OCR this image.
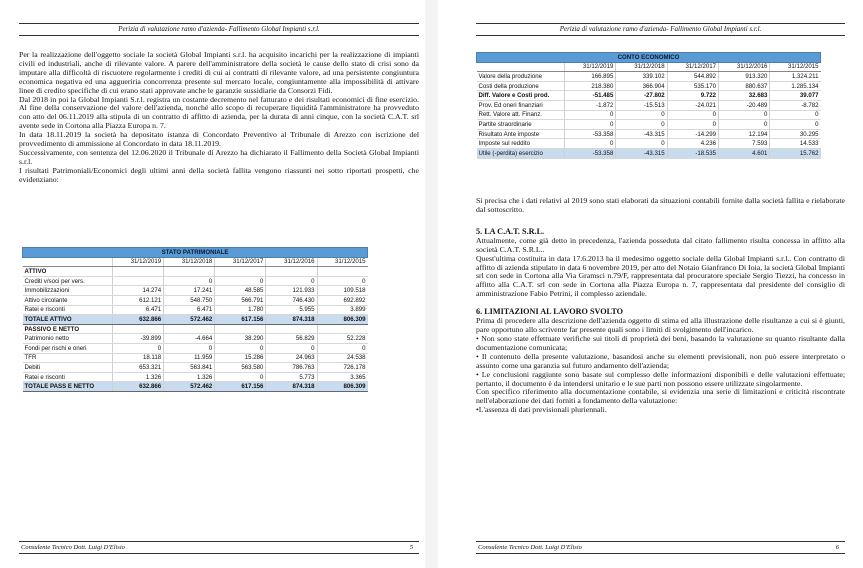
Perizia di valutazione ramo d'azienda- Fallimento Global Impianti s.r.l.

Per la realizzazione dell'oggetto sociale la società Global Impianti s.r.l. ha acquisito incarichi per la realizzazione di impianti civili ed industriali, anche di rilevante valore. A parere dell'amministratore della società le cause dello stato di crisi sono da imputare alla difficoltà di riscuotere regolarmente i crediti di cui ai contratti di rilevante valore, ad una persistente congiuntura economica negativa ed una aggueriria concorrenza presente sul mercato locale, congiuntamente alla impossibilità di attivare linee di credito specifiche di cui erano stati approvate anche le garanzie sussidiarie da Consorzi Fidi.

Dal 2018 in poi la Global Impianti S.r.l. registra un costante decremento nel fatturato e dei risultati economici di fine esercizio. Al fine della conservazione del valore dell'azienda, nonché allo scopo di recuperare liquidità l'amministratore ha provveduto con atto del 06.11.2019 alla stipula di un contratto di affitto di azienda, per la durata di anni cinque, con la società C.A.T. srl avente sede in Cortona alla Piazza Europa n. 7.

In data 18.11.2019 la società ha depositato istanza di Concordato Preventivo al Tribunale di Arezzo con iscrizione del provvedimento di ammissione al Concordato in data 18.11.2019.

Successivamente, con sentenza del 12.06.2020 il Tribunale di Arezzo ha dichiarato il Fallimento della Società Global Impianti s.r.l.

I risultati Patrimoniali/Economici degli ultimi anni della società fallita vengono riassunti nei sotto riportati prospetti, che evidenziano:

STATO PATRIMONIALE					
	31/12/2019	31/12/2018	31/12/2017	31/12/2016	31/12/2015
ATTIVO					
Crediti v/soci per vers.		0	0	0	0
Immobilizzazioni	14.274	17.241	48.585	121.933	109.518
Attivo circolante	612.121	548.750	566.791	746.430	692.892
Ratei e risconti	6.471	6.471	1.780	5.955	3.899
TOTALE ATTIVO	632.866	572.462	617.156	874.318	806.309
PASSIVO E NETTO					
Patrimonio netto	-39.899	-4.664	38.290	56.829	52.228
Fondi per rischi e oneri	0	0	0	0	0
TFR	18.118	11.959	15.286	24.963	24.538
Debiti	653.321	563.841	563.580	786.763	726.178
Ratei e risconti	1.326	1.326	0	5.773	3.365
TOTALE PASS E NETTO	632.866	572.462	617.156	874.318	806.309
Consulente Tecnico Dott. Luigi D'Elisio	5
Perizia di valutazione ramo d'azienda- Fallimento Global Impianti s.r.l.
CONTO ECONOMICO					
	31/12/2019	31/12/2018	31/12/2017	31/12/2016	31/12/2015
Valore della produzione	166.895	339.102	544.892	913.320	1.324.211
Costi della produzione	218.380	366.904	535.170	880.637	1.285.134
Diff. Valore e Costi prod.	-51.485	-27.802	9.722	32.683	39.077
Prov. Ed oneri finanziari	-1.872	-15.513	-24.021	-20.489	-8.782
Rett. Valore att. Finanz.	0	0	0	0	0
Partite straordinarie	0	0	0	0	0
Risultato Ante imposte	-53.358	-43.315	-14.299	12.194	30.295
Imposte sul reddito	0	0	4.236	7.593	14.533
Utile (-perdita) esercizio	-53.358	-43.315	-18.535	4.601	15.762

Si precisa che i dati relativi al 2019 sono stati elaborati da situazioni contabili fornite dalla società fallita e rielaborate dal sottoscritto.

5. LA C.A.T. S.R.L.

Attualmente, come già detto in precedenza, l'azienda posseduta dal citato fallimento risulta concessa in affitto alla società C.A.T. S.R.L..

Quest'ultima costituita in data 17.6.2013 ha il medesimo oggetto sociale della Global Impianti s.r.l.. Con contratto di affitto di azienda stipulato in data 6 novembre 2019, per atto del Notaio Gianfranco Di Ioia, la società Global Impianti srl con sede in Cortona alla Via Gramsci n.79/F, rappresentata dal procuratore speciale Sergio Tiezzi, ha concesso in affitto alla C.A.T. srl con sede in Cortona alla Piazza Europa n. 7, rappresentata dal presidente del consiglio di amministrazione Fabio Petrini, il complesso aziendale.

6. LIMITAZIONI AL LAVORO SVOLTO

Prima di procedere alla descrizione dell'azienda oggetto di stima ed alla illustrazione delle risultanze a cui si è giunti, pare opportuno allo scrivente far presente quali sono i limiti di svolgimento dell'incarico.

• Non sono state effettuate verifiche sui titoli di proprietà dei beni, basando la valutazione su quanto risultante dalla documentazione comunicata;

• Il contenuto della presente valutazione, basandosi anche su elementi previsionali, non può essere interpretato o assunto come una garanzia sul futuro andamento dell'azienda;

• Le conclusioni raggiunte sono basate sul complesso delle informazioni disponibili e delle valutazioni effettuate; pertanto, il documento è da intendersi unitario e le sue parti non possono essere utilizzate singolarmente.

Con specifico riferimento alla documentazione contabile, si evidenzia una serie di limitazioni e criticità riscontrate nell'elaborazione dei dati forniti a fondamento della valutazione:

•L'assenza di dati previsionali pluriennali.

Consulente Tecnico Dott. Luigi D'Elisio	6
